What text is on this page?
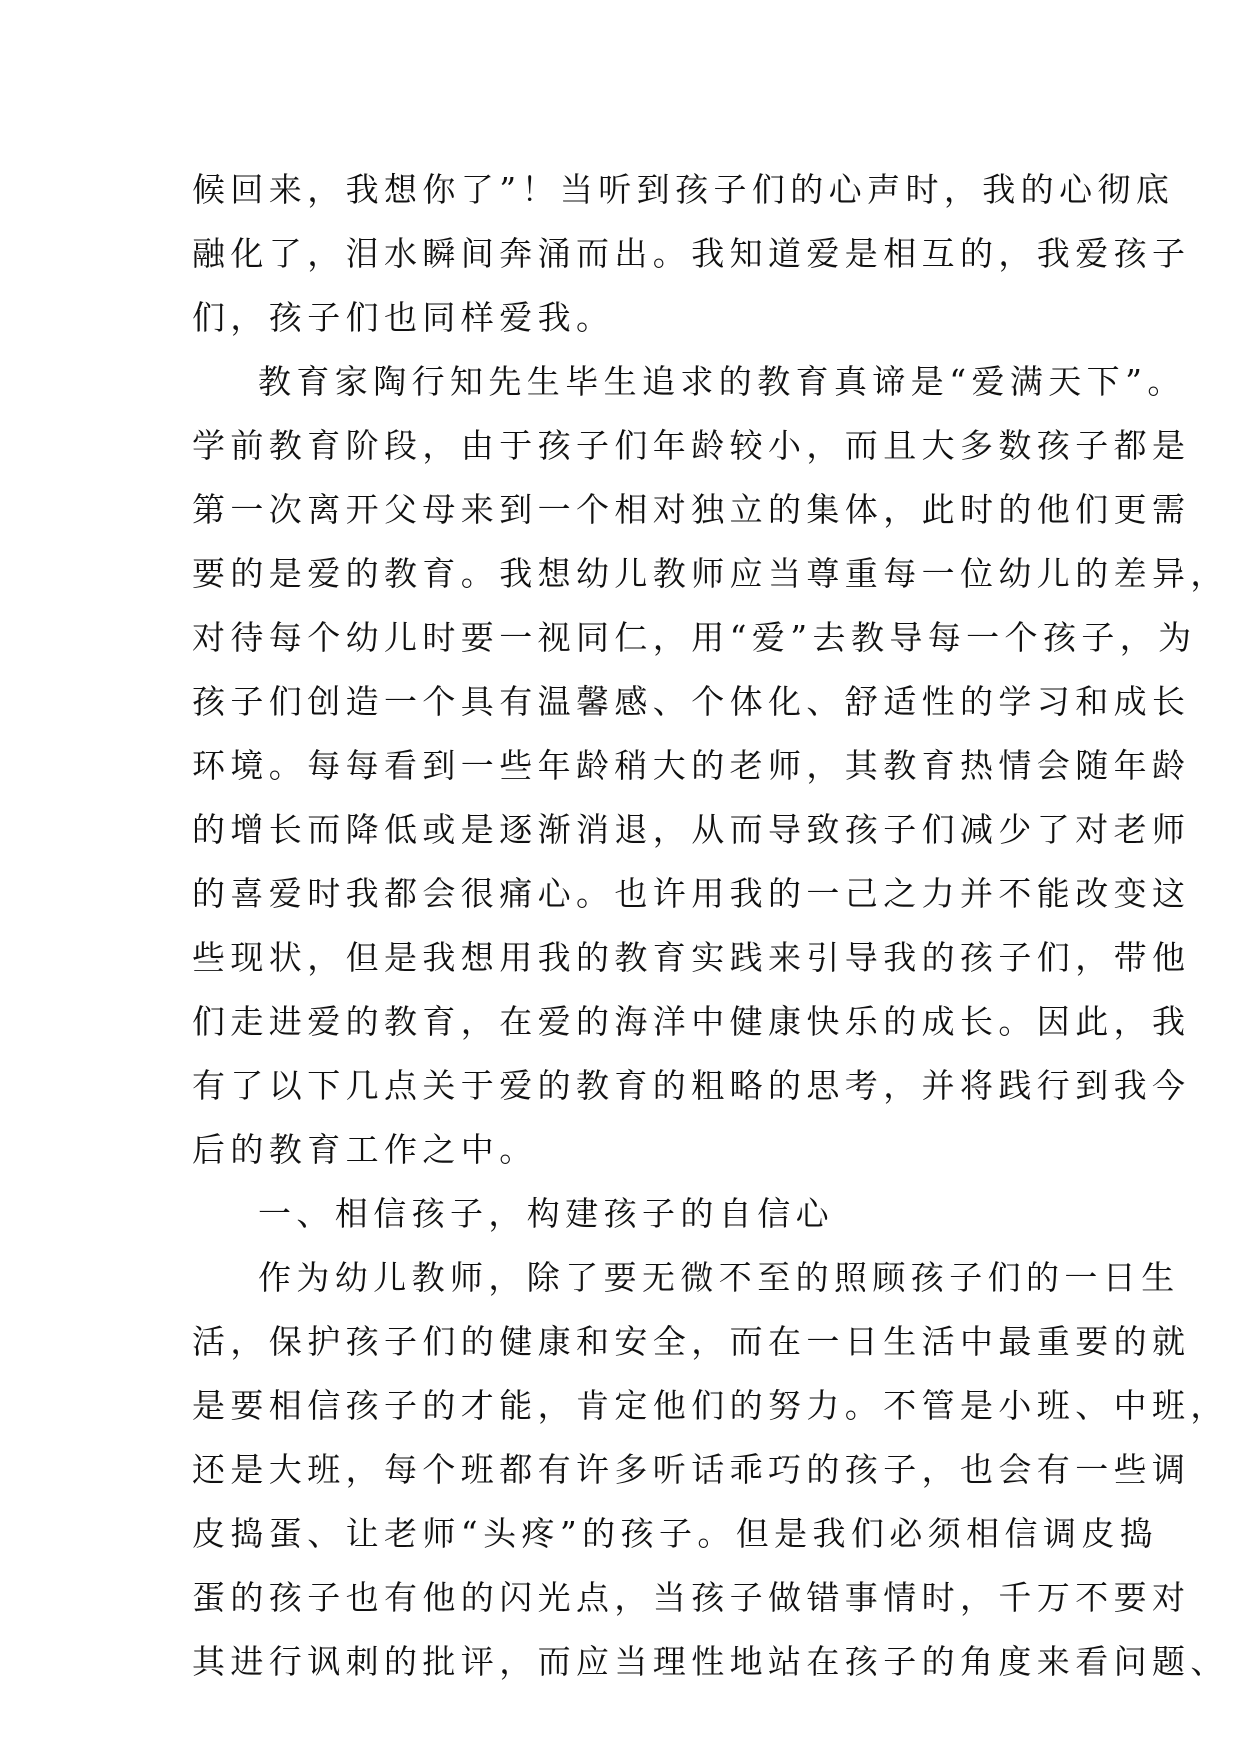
候回来，我想你了”！当听到孩子们的心声时，我的心彻底
融化了，泪水瞬间奔涌而出。我知道爱是相互的，我爱孩子
们，孩子们也同样爱我。
教育家陶行知先生毕生追求的教育真谛是“爱满天下”。
学前教育阶段，由于孩子们年龄较小，而且大多数孩子都是
第一次离开父母来到一个相对独立的集体，此时的他们更需
要的是爱的教育。我想幼儿教师应当尊重每一位幼儿的差异，
对待每个幼儿时要一视同仁，用“爱”去教导每一个孩子，为
孩子们创造一个具有温馨感、个体化、舒适性的学习和成长
环境。每每看到一些年龄稍大的老师，其教育热情会随年龄
的增长而降低或是逐渐消退，从而导致孩子们减少了对老师
的喜爱时我都会很痛心。也许用我的一己之力并不能改变这
些现状，但是我想用我的教育实践来引导我的孩子们，带他
们走进爱的教育，在爱的海洋中健康快乐的成长。因此，我
有了以下几点关于爱的教育的粗略的思考，并将践行到我今
后的教育工作之中。
一、相信孩子，构建孩子的自信心
作为幼儿教师，除了要无微不至的照顾孩子们的一日生
活，保护孩子们的健康和安全，而在一日生活中最重要的就
是要相信孩子的才能，肯定他们的努力。不管是小班、中班，
还是大班，每个班都有许多听话乖巧的孩子，也会有一些调
皮捣蛋、让老师“头疼”的孩子。但是我们必须相信调皮捣
蛋的孩子也有他的闪光点，当孩子做错事情时，千万不要对
其进行讽刺的批评，而应当理性地站在孩子的角度来看问题、
